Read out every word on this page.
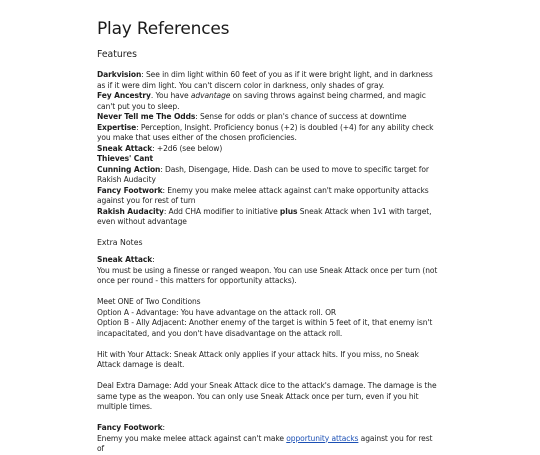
Play References
Features

Darkvision: See in dim light within 60 feet of you as if it were bright light, and in darkness as if it were dim light. You can't discern color in darkness, only shades of gray.

Fey Ancestry. You have advantage on saving throws against being charmed, and magic can't put you to sleep.

Never Tell me The Odds: Sense for odds or plan's chance of success at downtime

Expertise: Perception, Insight. Proficiency bonus (+2) is doubled (+4) for any ability check you make that uses either of the chosen proficiencies.

Sneak Attack: +2d6 (see below)

Thieves' Cant

Cunning Action: Dash, Disengage, Hide. Dash can be used to move to specific target for Rakish Audacity

Fancy Footwork: Enemy you make melee attack against can't make opportunity attacks against you for rest of turn

Rakish Audacity: Add CHA modifier to initiative plus Sneak Attack when 1v1 with target, even without advantage

Extra Notes

Sneak Attack:

You must be using a finesse or ranged weapon. You can use Sneak Attack once per turn (not once per round - this matters for opportunity attacks).

Meet ONE of Two Conditions

Option A - Advantage: You have advantage on the attack roll. OR

Option B - Ally Adjacent: Another enemy of the target is within 5 feet of it, that enemy isn't incapacitated, and you don't have disadvantage on the attack roll.

Hit with Your Attack: Sneak Attack only applies if your attack hits. If you miss, no Sneak Attack damage is dealt.

Deal Extra Damage: Add your Sneak Attack dice to the attack's damage. The damage is the same type as the weapon. You can only use Sneak Attack once per turn, even if you hit multiple times.

Fancy Footwork:

Enemy you make melee attack against can't make opportunity attacks against you for rest of
